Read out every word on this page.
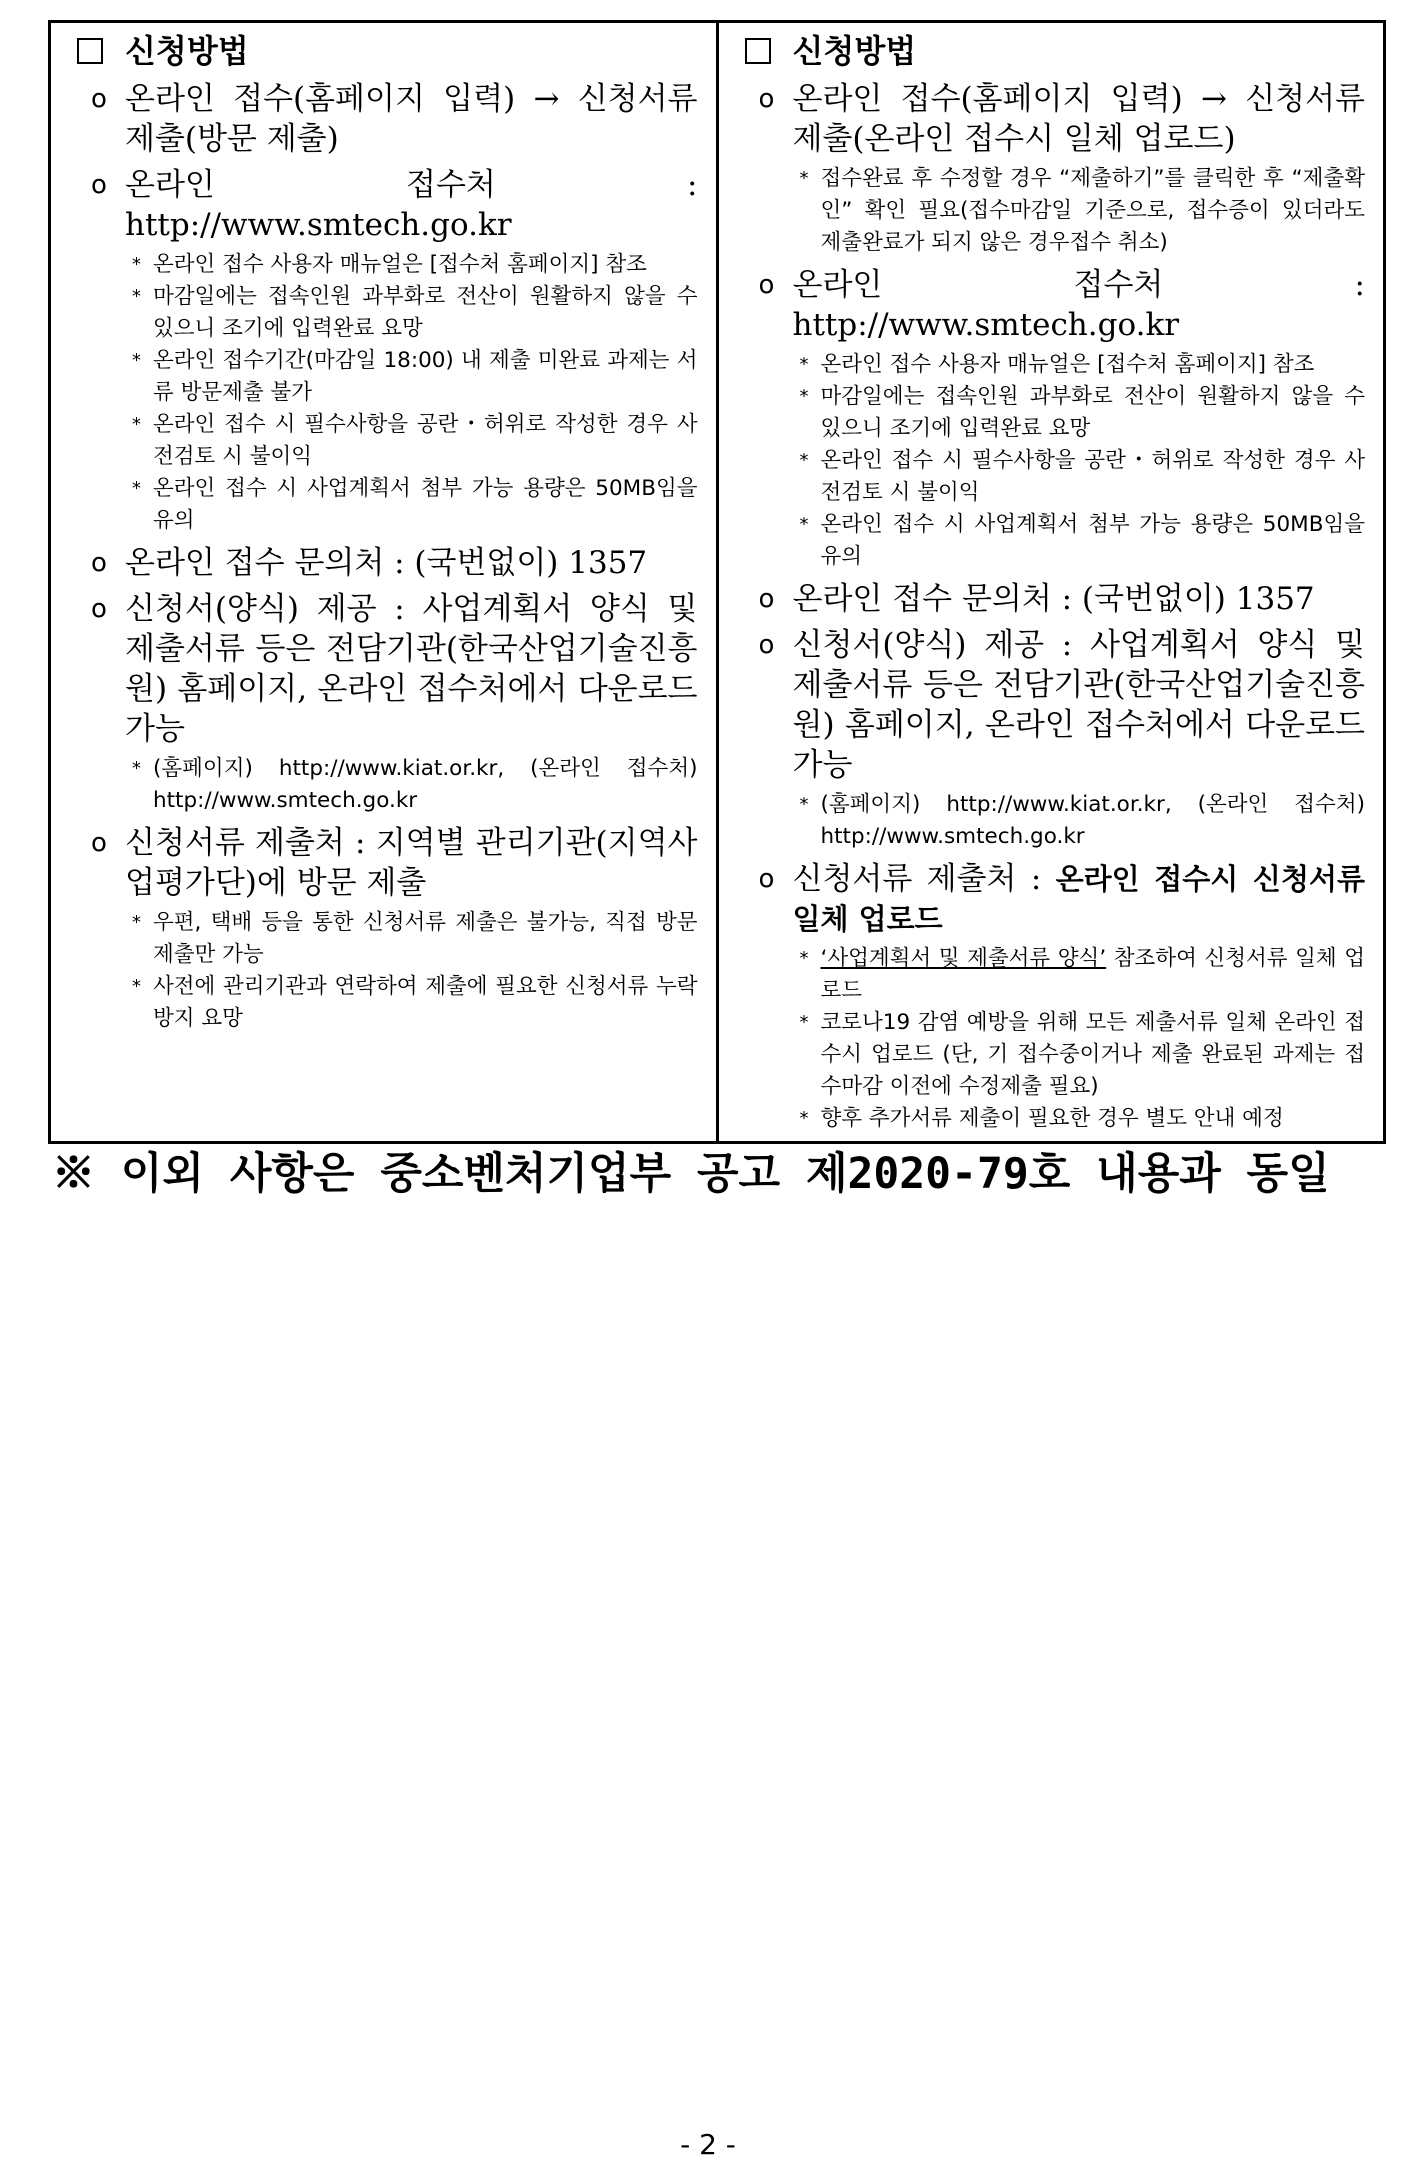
신청방법
ο 온라인 접수(홈페이지 입력) → 신청서류 제출(방문 제출)
ο 온라인 접수처 : http://www.smtech.go.kr
* 온라인 접수 사용자 매뉴얼은 [접수처 홈페이지] 참조
* 마감일에는 접속인원 과부화로 전산이 원활하지 않을 수 있으니 조기에 입력완료 요망
* 온라인 접수기간(마감일 18:00) 내 제출 미완료 과제는 서류 방문제출 불가
* 온라인 접수 시 필수사항을 공란・허위로 작성한 경우 사전검토 시 불이익
* 온라인 접수 시 사업계획서 첨부 가능 용량은 50MB임을 유의
ο 온라인 접수 문의처 : (국번없이) 1357
ο 신청서(양식) 제공 : 사업계획서 양식 및 제출서류 등은 전담기관(한국산업기술진흥원) 홈페이지, 온라인 접수처에서 다운로드 가능
* (홈페이지) http://www.kiat.or.kr, (온라인 접수처) http://www.smtech.go.kr
ο 신청서류 제출처 : 지역별 관리기관(지역사업평가단)에 방문 제출
* 우편, 택배 등을 통한 신청서류 제출은 불가능, 직접 방문 제출만 가능
* 사전에 관리기관과 연락하여 제출에 필요한 신청서류 누락 방지 요망

신청방법
ο 온라인 접수(홈페이지 입력) → 신청서류 제출(온라인 접수시 일체 업로드)
* 접수완료 후 수정할 경우 “제출하기”를 클릭한 후 “제출확인” 확인 필요(접수마감일 기준으로, 접수증이 있더라도 제출완료가 되지 않은 경우접수 취소)
ο 온라인 접수처 : http://www.smtech.go.kr
* 온라인 접수 사용자 매뉴얼은 [접수처 홈페이지] 참조
* 마감일에는 접속인원 과부화로 전산이 원활하지 않을 수 있으니 조기에 입력완료 요망
* 온라인 접수 시 필수사항을 공란・허위로 작성한 경우 사전검토 시 불이익
* 온라인 접수 시 사업계획서 첨부 가능 용량은 50MB임을 유의
ο 온라인 접수 문의처 : (국번없이) 1357
ο 신청서(양식) 제공 : 사업계획서 양식 및 제출서류 등은 전담기관(한국산업기술진흥원) 홈페이지, 온라인 접수처에서 다운로드 가능
* (홈페이지) http://www.kiat.or.kr, (온라인 접수처) http://www.smtech.go.kr
ο 신청서류 제출처 : 온라인 접수시 신청서류 일체 업로드
* ‘사업계획서 및 제출서류 양식’ 참조하여 신청서류 일체 업로드
* 코로나19 감염 예방을 위해 모든 제출서류 일체 온라인 접수시 업로드 (단, 기 접수중이거나 제출 완료된 과제는 접수마감 이전에 수정제출 필요)
* 향후 추가서류 제출이 필요한 경우 별도 안내 예정
※ 이외 사항은 중소벤처기업부 공고 제2020-79호 내용과 동일
- 2 -
